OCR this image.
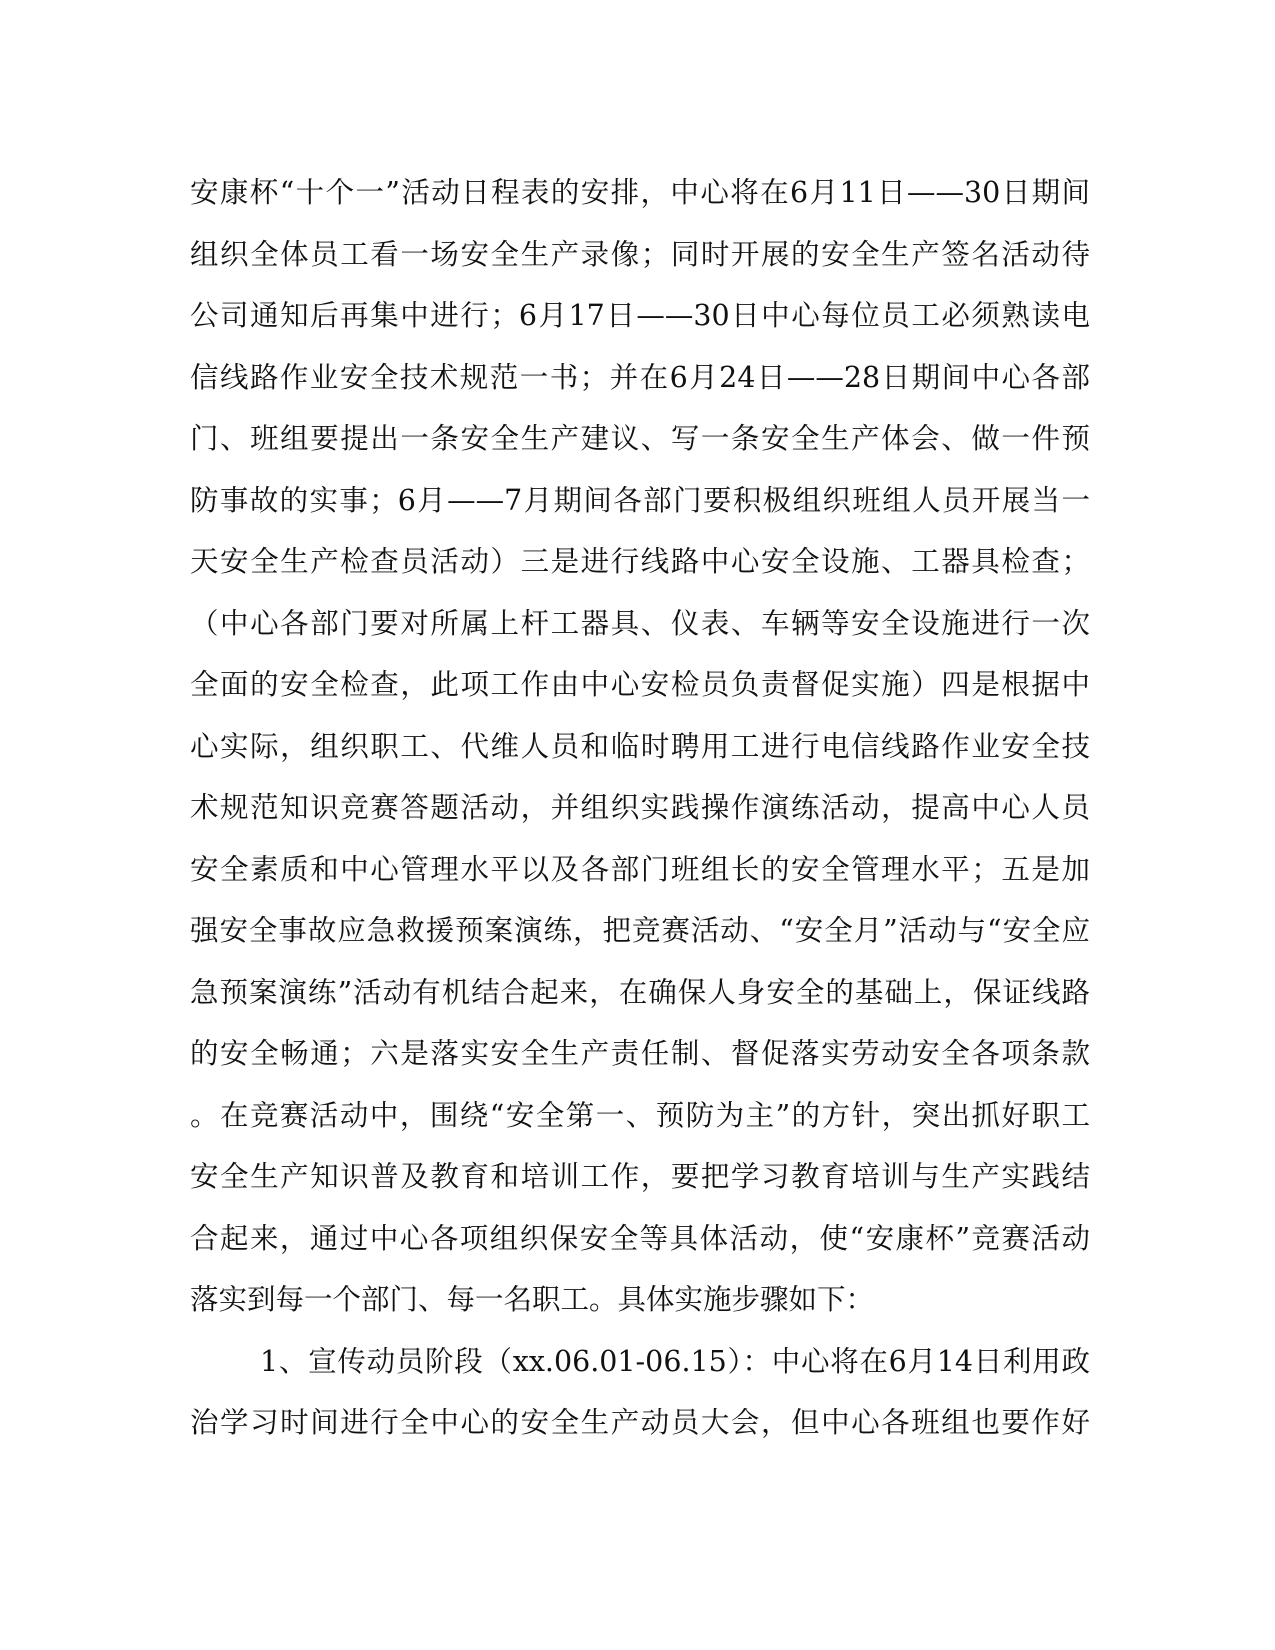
安康杯“十个一”活动日程表的安排，中心将在6月11日——30日期间
组织全体员工看一场安全生产录像；同时开展的安全生产签名活动待
公司通知后再集中进行；6月17日——30日中心每位员工必须熟读电
信线路作业安全技术规范一书；并在6月24日——28日期间中心各部
门、班组要提出一条安全生产建议、写一条安全生产体会、做一件预
防事故的实事；6月——7月期间各部门要积极组织班组人员开展当一
天安全生产检查员活动）三是进行线路中心安全设施、工器具检查；
（中心各部门要对所属上杆工器具、仪表、车辆等安全设施进行一次
全面的安全检查，此项工作由中心安检员负责督促实施）四是根据中
心实际，组织职工、代维人员和临时聘用工进行电信线路作业安全技
术规范知识竞赛答题活动，并组织实践操作演练活动，提高中心人员
安全素质和中心管理水平以及各部门班组长的安全管理水平；五是加
强安全事故应急救援预案演练，把竞赛活动、“安全月”活动与“安全应
急预案演练”活动有机结合起来，在确保人身安全的基础上，保证线路
的安全畅通；六是落实安全生产责任制、督促落实劳动安全各项条款
。在竞赛活动中，围绕“安全第一、预防为主”的方针，突出抓好职工
安全生产知识普及教育和培训工作，要把学习教育培训与生产实践结
合起来，通过中心各项组织保安全等具体活动，使“安康杯”竞赛活动
落实到每一个部门、每一名职工。具体实施步骤如下：
1、宣传动员阶段（xx.06.01-06.15）：中心将在6月14日利用政
治学习时间进行全中心的安全生产动员大会，但中心各班组也要作好
